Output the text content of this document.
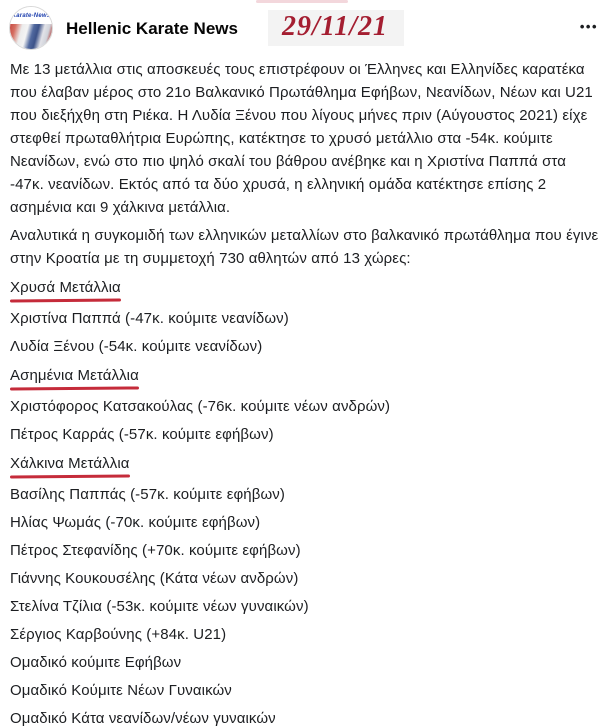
Karate-News
Hellenic Karate News	29/11/21	•••

Με 13 μετάλλια στις αποσκευές τους επιστρέφουν οι Έλληνες και Ελληνίδες καρατέκα που έλαβαν μέρος στο 21ο Βαλκανικό Πρωτάθλημα Εφήβων, Νεανίδων, Νέων και U21 που διεξήχθη στη Ριέκα. Η Λυδία Ξένου που λίγους μήνες πριν (Αύγουστος 2021) είχε στεφθεί πρωταθλήτρια Ευρώπης, κατέκτησε το χρυσό μετάλλιο στα -54κ. κούμιτε Νεανίδων, ενώ στο πιο ψηλό σκαλί του βάθρου ανέβηκε και η Χριστίνα Παππά στα -47κ. νεανίδων. Εκτός από τα δύο χρυσά, η ελληνική ομάδα κατέκτησε επίσης 2 ασημένια και 9 χάλκινα μετάλλια.

Αναλυτικά η συγκομιδή των ελληνικών μεταλλίων στο βαλκανικό πρωτάθλημα που έγινε στην Κροατία με τη συμμετοχή 730 αθλητών από 13 χώρες:

Χρυσά Μετάλλια
Χριστίνα Παππά (-47κ. κούμιτε νεανίδων)
Λυδία Ξένου (-54κ. κούμιτε νεανίδων)
Ασημένια Μετάλλια
Χριστόφορος Κατσακούλας (-76κ. κούμιτε νέων ανδρών)
Πέτρος Καρράς (-57κ. κούμιτε εφήβων)
Χάλκινα Μετάλλια
Βασίλης Παππάς (-57κ. κούμιτε εφήβων)
Ηλίας Ψωμάς (-70κ. κούμιτε εφήβων)
Πέτρος Στεφανίδης (+70κ. κούμιτε εφήβων)
Γιάννης Κουκουσέλης (Κάτα νέων ανδρών)
Στελίνα Τζίλια (-53κ. κούμιτε νέων γυναικών)
Σέργιος Καρβούνης (+84κ. U21)
Ομαδικό κούμιτε Εφήβων
Ομαδικό Κούμιτε Νέων Γυναικών
Ομαδικό Κάτα νεανίδων/νέων γυναικών
